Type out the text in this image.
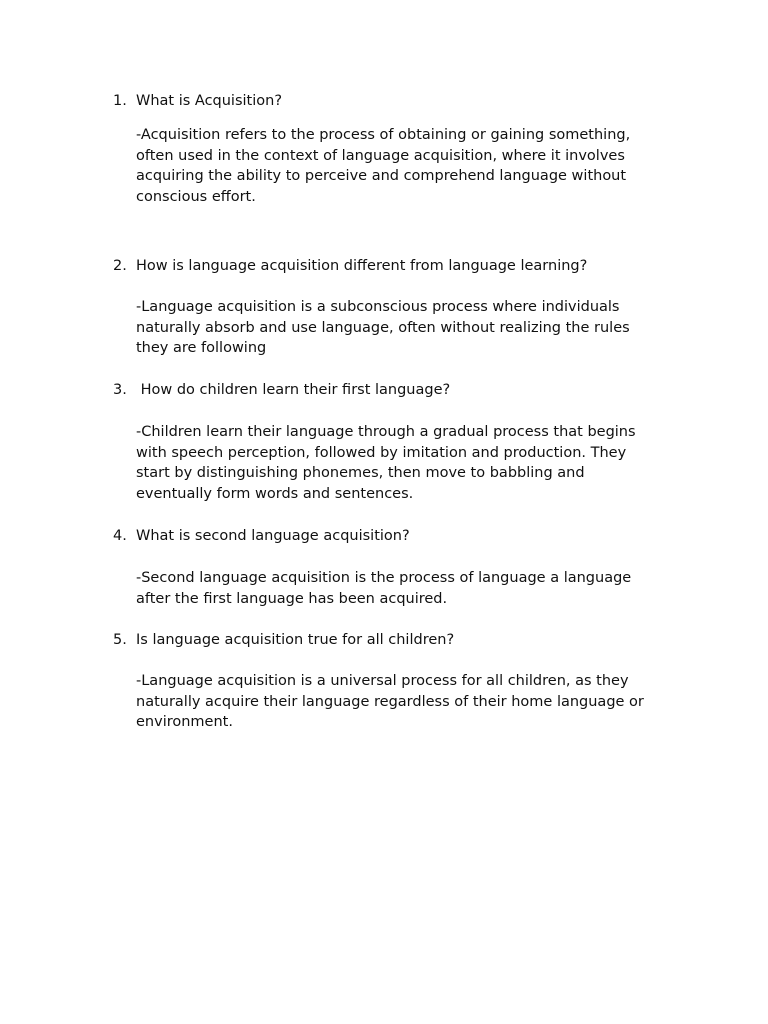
1. What is Acquisition?
-Acquisition refers to the process of obtaining or gaining something,
often used in the context of language acquisition, where it involves
acquiring the ability to perceive and comprehend language without
conscious effort.
2. How is language acquisition different from language learning?
-Language acquisition is a subconscious process where individuals
naturally absorb and use language, often without realizing the rules
they are following
3. How do children learn their first language?
-Children learn their language through a gradual process that begins
with speech perception, followed by imitation and production. They
start by distinguishing phonemes, then move to babbling and
eventually form words and sentences.
4. What is second language acquisition?
-Second language acquisition is the process of language a language
after the first language has been acquired.
5. Is language acquisition true for all children?
-Language acquisition is a universal process for all children, as they
naturally acquire their language regardless of their home language or
environment.
